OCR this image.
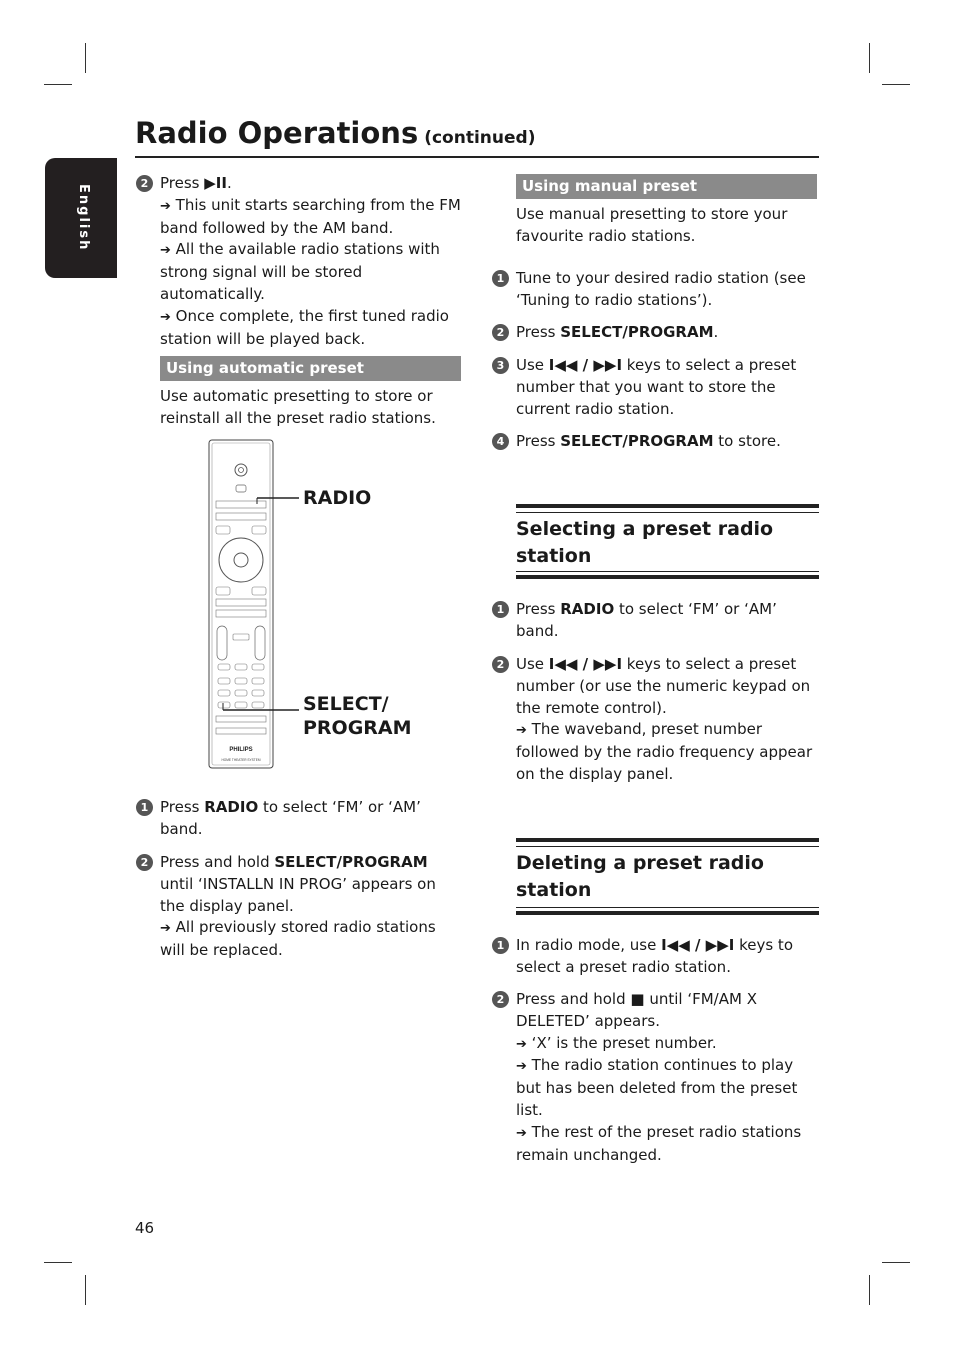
Radio Operations (continued)
English
2 Press ▶II.
➔ This unit starts searching from the FM band followed by the AM band.
➔ All the available radio stations with strong signal will be stored automatically.
➔ Once complete, the first tuned radio station will be played back.
Using automatic preset
Use automatic presetting to store or reinstall all the preset radio stations.
PHILIPS
HOME THEATER SYSTEM
RADIO
SELECT/
PROGRAM
1 Press RADIO to select ‘FM’ or ‘AM’ band.
2 Press and hold SELECT/PROGRAM until ‘INSTALLN IN PROG’ appears on the display panel.
➔ All previously stored radio stations will be replaced.
Using manual preset
Use manual presetting to store your favourite radio stations.
1 Tune to your desired radio station (see ‘Tuning to radio stations’).
2 Press SELECT/PROGRAM.
3 Use I◀◀ / ▶▶I keys to select a preset number that you want to store the current radio station.
4 Press SELECT/PROGRAM to store.
Selecting a preset radio station
1 Press RADIO to select ‘FM’ or ‘AM’ band.
2 Use I◀◀ / ▶▶I keys to select a preset number (or use the numeric keypad on the remote control).
➔ The waveband, preset number followed by the radio frequency appear on the display panel.
Deleting a preset radio station
1 In radio mode, use I◀◀ / ▶▶I keys to select a preset radio station.
2 Press and hold ■ until ‘FM/AM X DELETED’ appears.
➔ ‘X’ is the preset number.
➔ The radio station continues to play but has been deleted from the preset list.
➔ The rest of the preset radio stations remain unchanged.
46
